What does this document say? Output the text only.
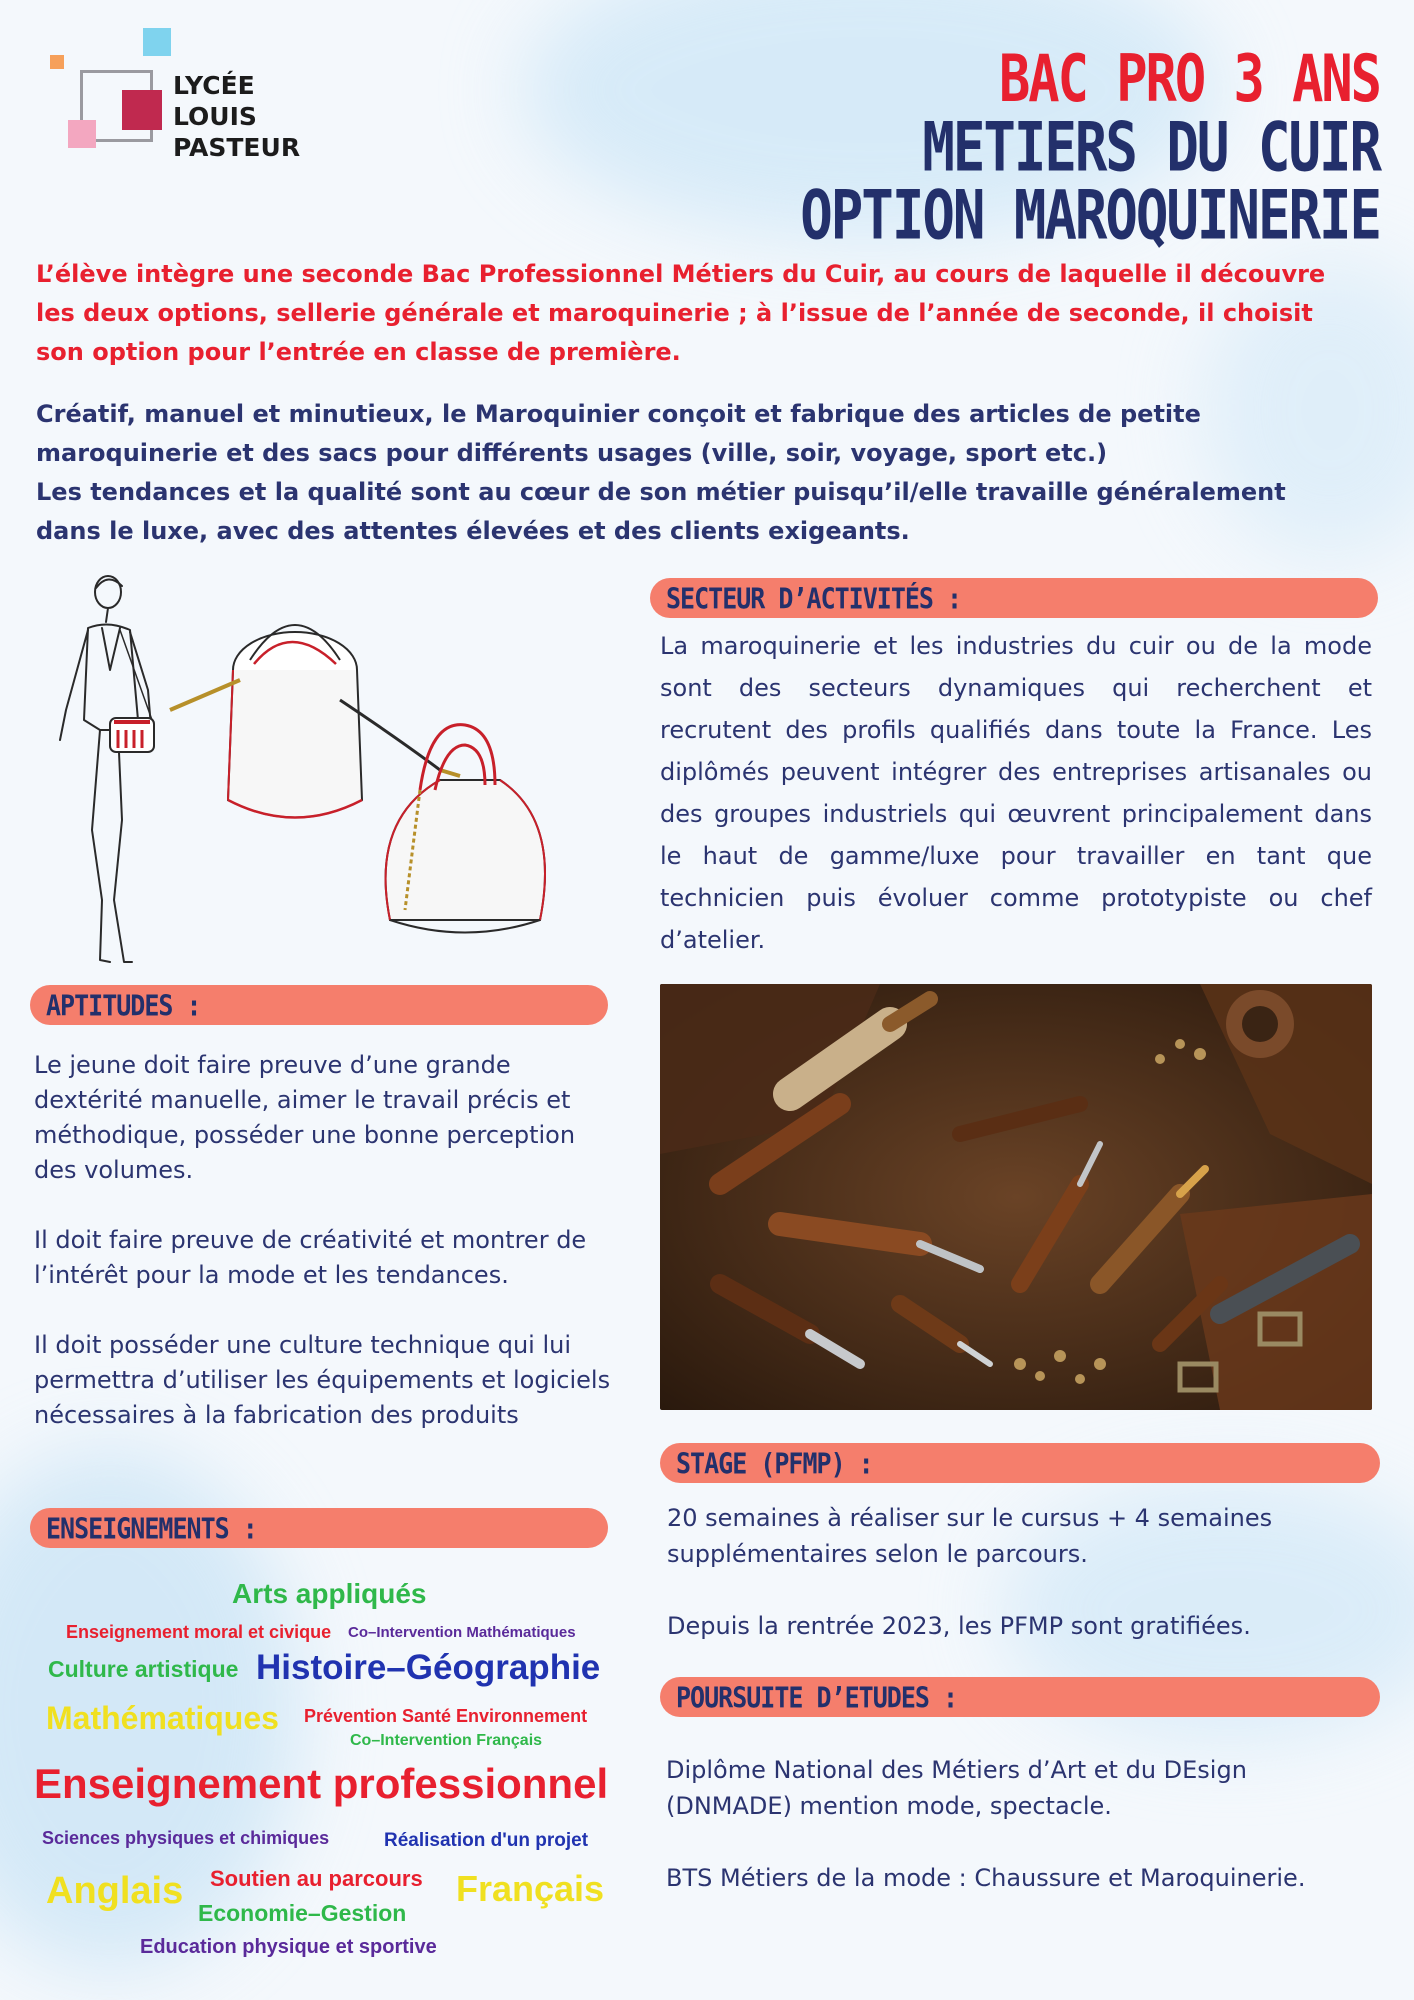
LYCÉE
LOUIS
PASTEUR
BAC PRO 3 ANS
METIERS DU CUIR
OPTION MAROQUINERIE
L’élève intègre une seconde Bac Professionnel Métiers du Cuir, au cours de laquelle il découvre les deux options, sellerie générale et maroquinerie ; à l’issue de l’année de seconde, il choisit son option pour l’entrée en classe de première.

Créatif, manuel et minutieux, le Maroquinier conçoit et fabrique des articles de petite maroquinerie et des sacs pour différents usages (ville, soir, voyage, sport etc.)

Les tendances et la qualité sont au cœur de son métier puisqu’il/elle travaille généralement dans le luxe, avec des attentes élevées et des clients exigeants.

SECTEUR D’ACTIVITÉS :
La maroquinerie et les industries du cuir ou de la mode sont des secteurs dynamiques qui recherchent et recrutent des profils qualifiés dans toute la France. Les diplômés peuvent intégrer des entreprises artisanales ou des groupes industriels qui œuvrent principalement dans le haut de gamme/luxe pour travailler en tant que technicien puis évoluer comme prototypiste ou chef d’atelier.
APTITUDES :

Le jeune doit faire preuve d’une grande dextérité manuelle, aimer le travail précis et méthodique, posséder une bonne perception des volumes.

Il doit faire preuve de créativité et montrer de l’intérêt pour la mode et les tendances.

Il doit posséder une culture technique qui lui permettra d’utiliser les équipements et logiciels nécessaires à la fabrication des produits

ENSEIGNEMENTS :
Arts appliqués
Enseignement moral et civique Co–Intervention Mathématiques
Culture artistique Histoire–Géographie
Mathématiques Prévention Santé Environnement
Co–Intervention Français
Enseignement professionnel
Sciences physiques et chimiques	Réalisation d'un projet
Anglais Soutien au parcours Français
Economie–Gestion
Education physique et sportive
STAGE (PFMP) :

20 semaines à réaliser sur le cursus + 4 semaines supplémentaires selon le parcours.

Depuis la rentrée 2023, les PFMP sont gratifiées.

POURSUITE D’ETUDES :

Diplôme National des Métiers d’Art et du DEsign (DNMADE) mention mode, spectacle.

BTS Métiers de la mode : Chaussure et Maroquinerie.
